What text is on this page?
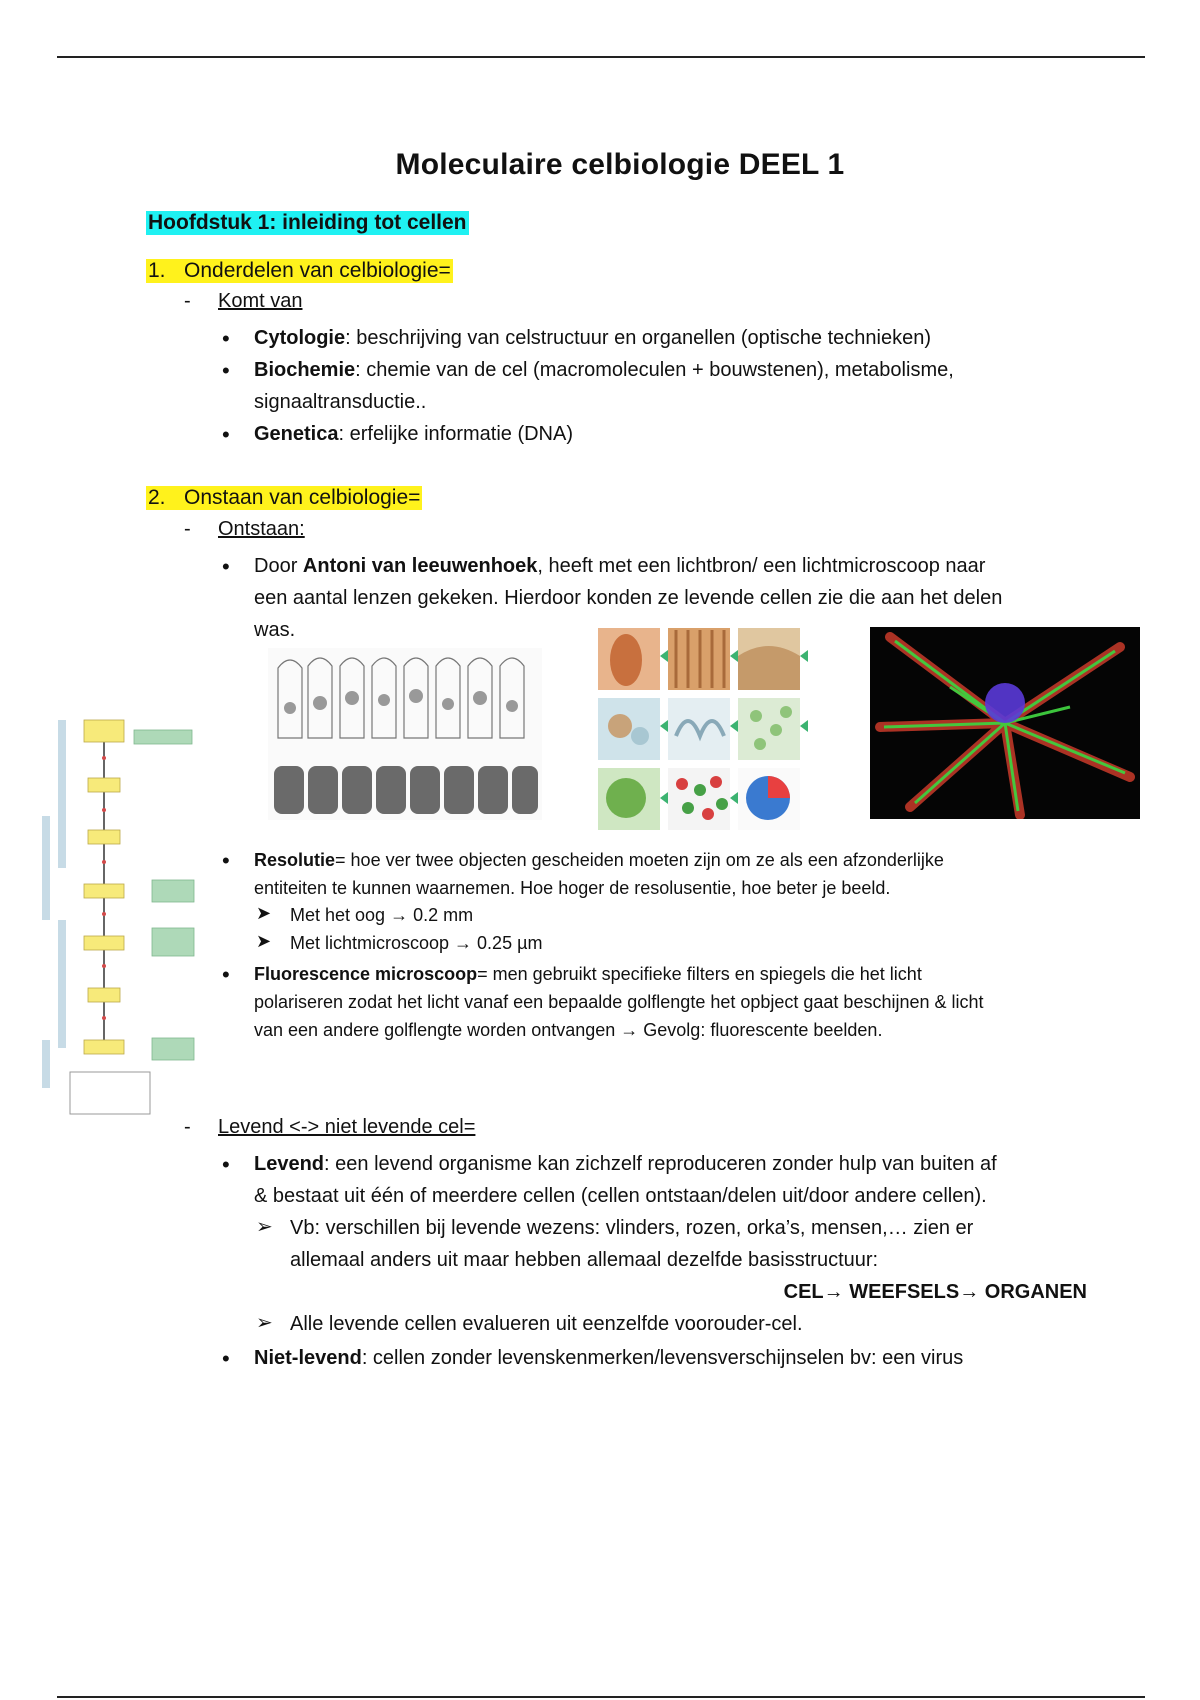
Moleculaire celbiologie DEEL 1
Hoofdstuk 1: inleiding tot cellen
1. Onderdelen van celbiologie=
- Komt van
• Cytologie: beschrijving van celstructuur en organellen (optische technieken)
• Biochemie: chemie van de cel (macromoleculen + bouwstenen), metabolisme,
signaaltransductie..
• Genetica: erfelijke informatie (DNA)
2. Onstaan van celbiologie=
- Ontstaan:
• Door Antoni van leeuwenhoek, heeft met een lichtbron/ een lichtmicroscoop naar
een aantal lenzen gekeken. Hierdoor konden ze levende cellen zie die aan het delen
was.
• Resolutie= hoe ver twee objecten gescheiden moeten zijn om ze als een afzonderlijke
entiteiten te kunnen waarnemen. Hoe hoger de resolusentie, hoe beter je beeld.
➤ Met het oog → 0.2 mm
➤ Met lichtmicroscoop → 0.25 µm
• Fluorescence microscoop= men gebruikt specifieke filters en spiegels die het licht
polariseren zodat het licht vanaf een bepaalde golflengte het opbject gaat beschijnen & licht
van een andere golflengte worden ontvangen → Gevolg: fluorescente beelden.
- Levend <-> niet levende cel=
• Levend: een levend organisme kan zichzelf reproduceren zonder hulp van buiten af
& bestaat uit één of meerdere cellen (cellen ontstaan/delen uit/door andere cellen).
➢ Vb: verschillen bij levende wezens: vlinders, rozen, orka’s, mensen,… zien er
allemaal anders uit maar hebben allemaal dezelfde basisstructuur:
CEL→ WEEFSELS→ ORGANEN
➢ Alle levende cellen evalueren uit eenzelfde voorouder-cel.
• Niet-levend: cellen zonder levenskenmerken/levensverschijnselen bv: een virus
